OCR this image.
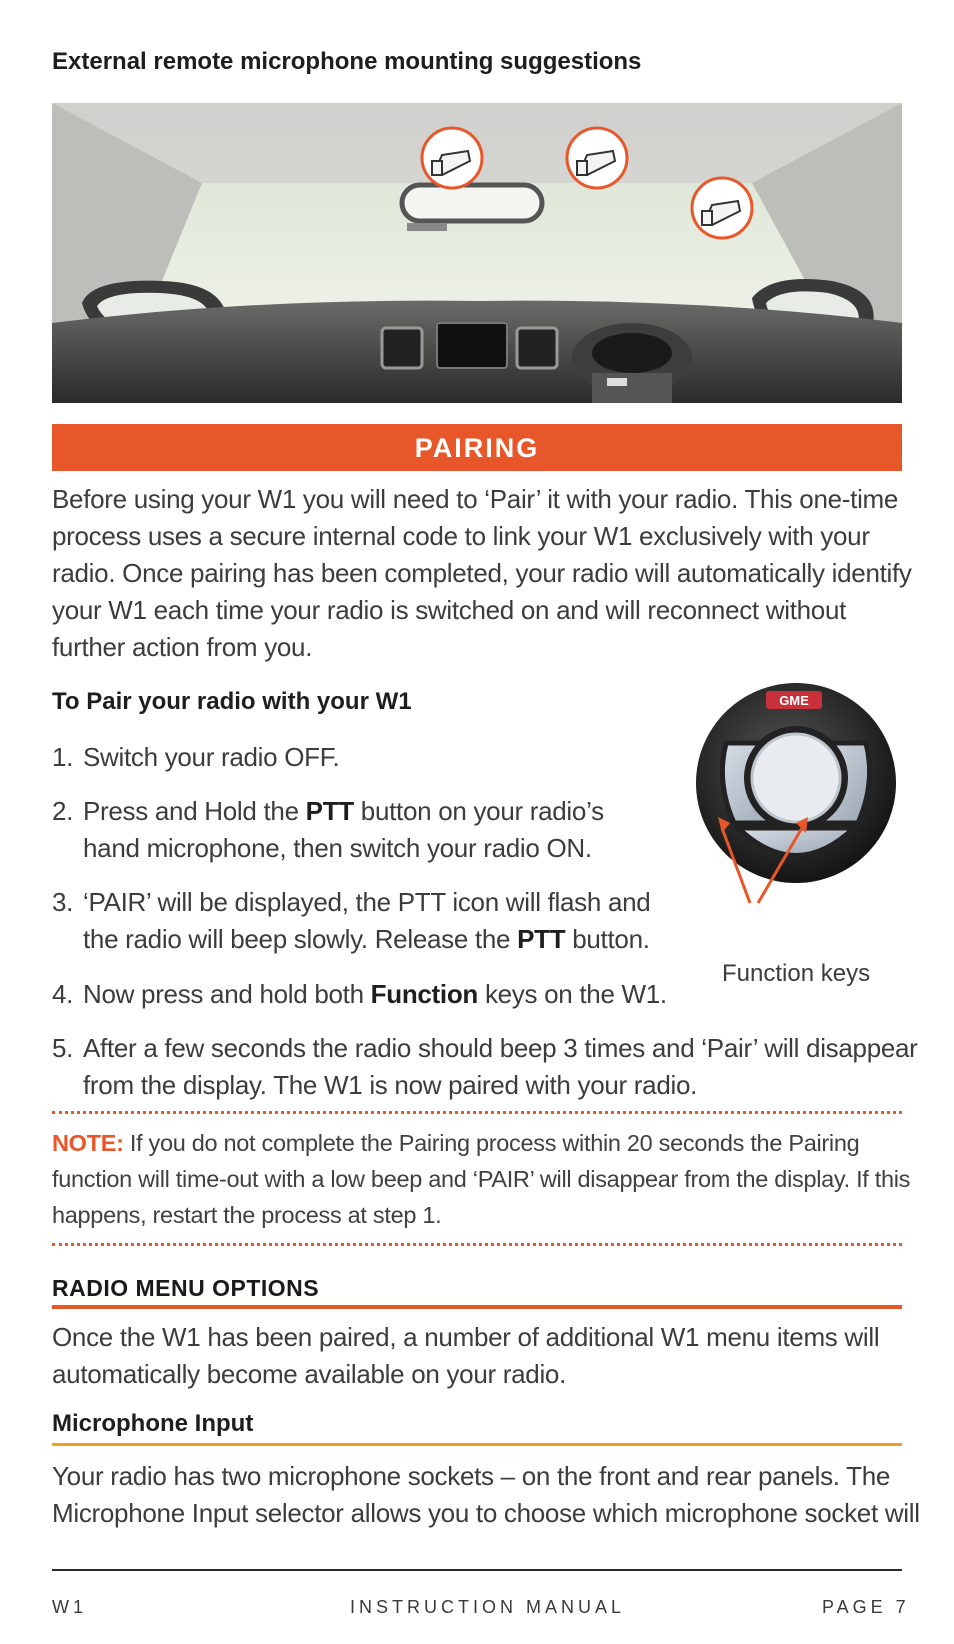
External remote microphone mounting suggestions
PAIRING
Before using your W1 you will need to ‘Pair’ it with your radio. This one-time process uses a secure internal code to link your W1 exclusively with your radio. Once pairing has been completed, your radio will automatically identify your W1 each time your radio is switched on and will reconnect without further action from you.
To Pair your radio with your W1
1. Switch your radio OFF.
2. Press and Hold the PTT button on your radio’s
hand microphone, then switch your radio ON.
3. ‘PAIR’ will be displayed, the PTT icon will flash and
the radio will beep slowly. Release the PTT button.
4. Now press and hold both Function keys on the W1.
5. After a few seconds the radio should beep 3 times and ‘Pair’ will disappear
from the display. The W1 is now paired with your radio.
GME
Function keys
NOTE: If you do not complete the Pairing process within 20 seconds the Pairing function will time-out with a low beep and ‘PAIR’ will disappear from the display. If this happens, restart the process at step 1.
RADIO MENU OPTIONS
Once the W1 has been paired, a number of additional W1 menu items will automatically become available on your radio.
Microphone Input
Your radio has two microphone sockets – on the front and rear panels. The Microphone Input selector allows you to choose which microphone socket will
W1	INSTRUCTION MANUAL	PAGE 7
